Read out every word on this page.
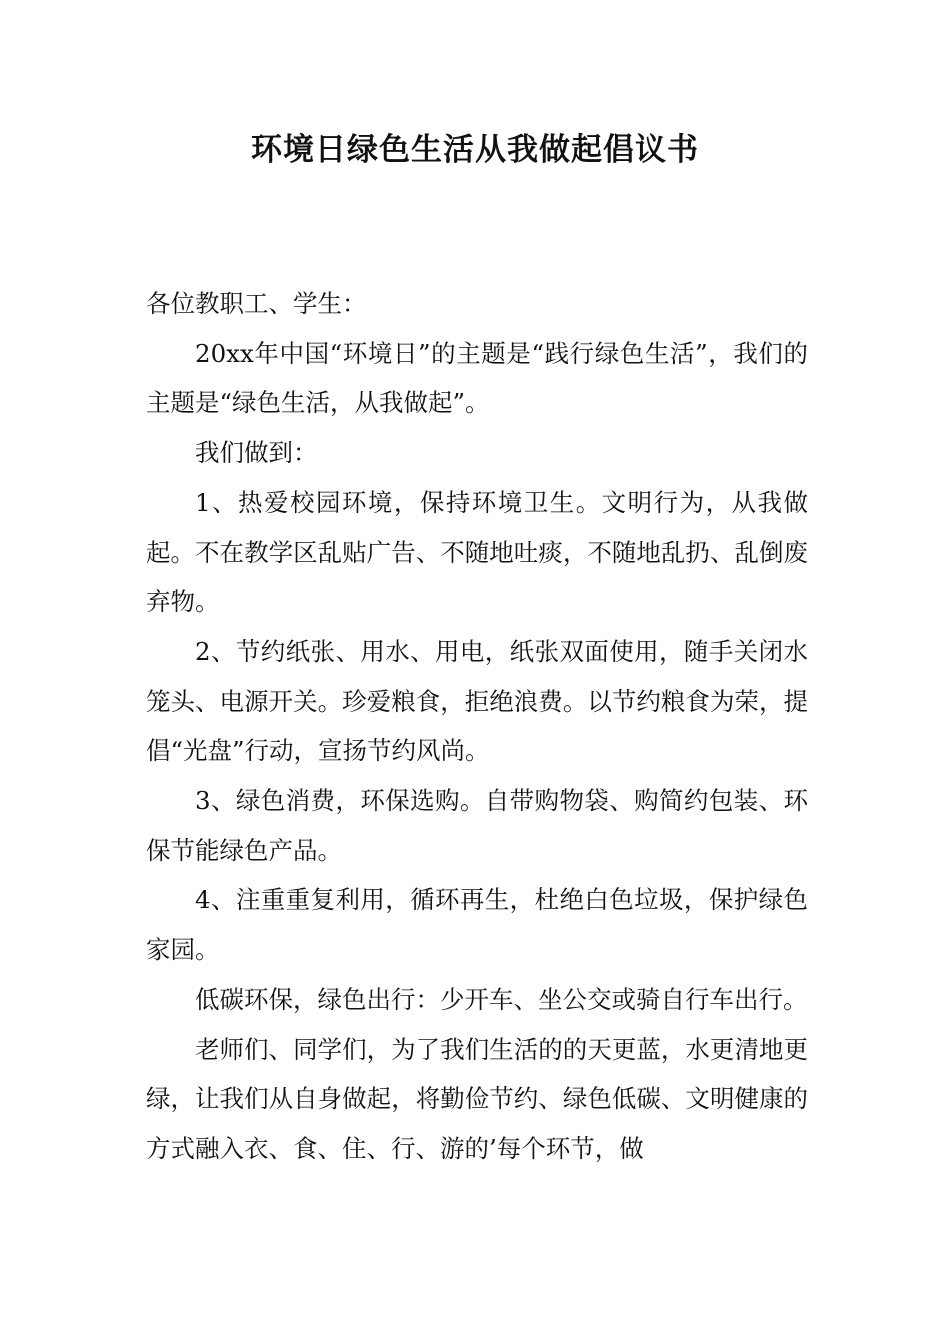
环境日绿色生活从我做起倡议书

各位教职工、学生：

20xx年中国“环境日”的主题是“践行绿色生活”，我们的主题是“绿色生活，从我做起”。

我们做到：

1、热爱校园环境，保持环境卫生。文明行为，从我做起。不在教学区乱贴广告、不随地吐痰，不随地乱扔、乱倒废弃物。

2、节约纸张、用水、用电，纸张双面使用，随手关闭水笼头、电源开关。珍爱粮食，拒绝浪费。以节约粮食为荣，提倡“光盘”行动，宣扬节约风尚。

3、绿色消费，环保选购。自带购物袋、购简约包装、环保节能绿色产品。

4、注重重复利用，循环再生，杜绝白色垃圾，保护绿色家园。

低碳环保，绿色出行：少开车、坐公交或骑自行车出行。

老师们、同学们，为了我们生活的的天更蓝，水更清地更绿，让我们从自身做起，将勤俭节约、绿色低碳、文明健康的方式融入衣、食、住、行、游的’每个环节，做
